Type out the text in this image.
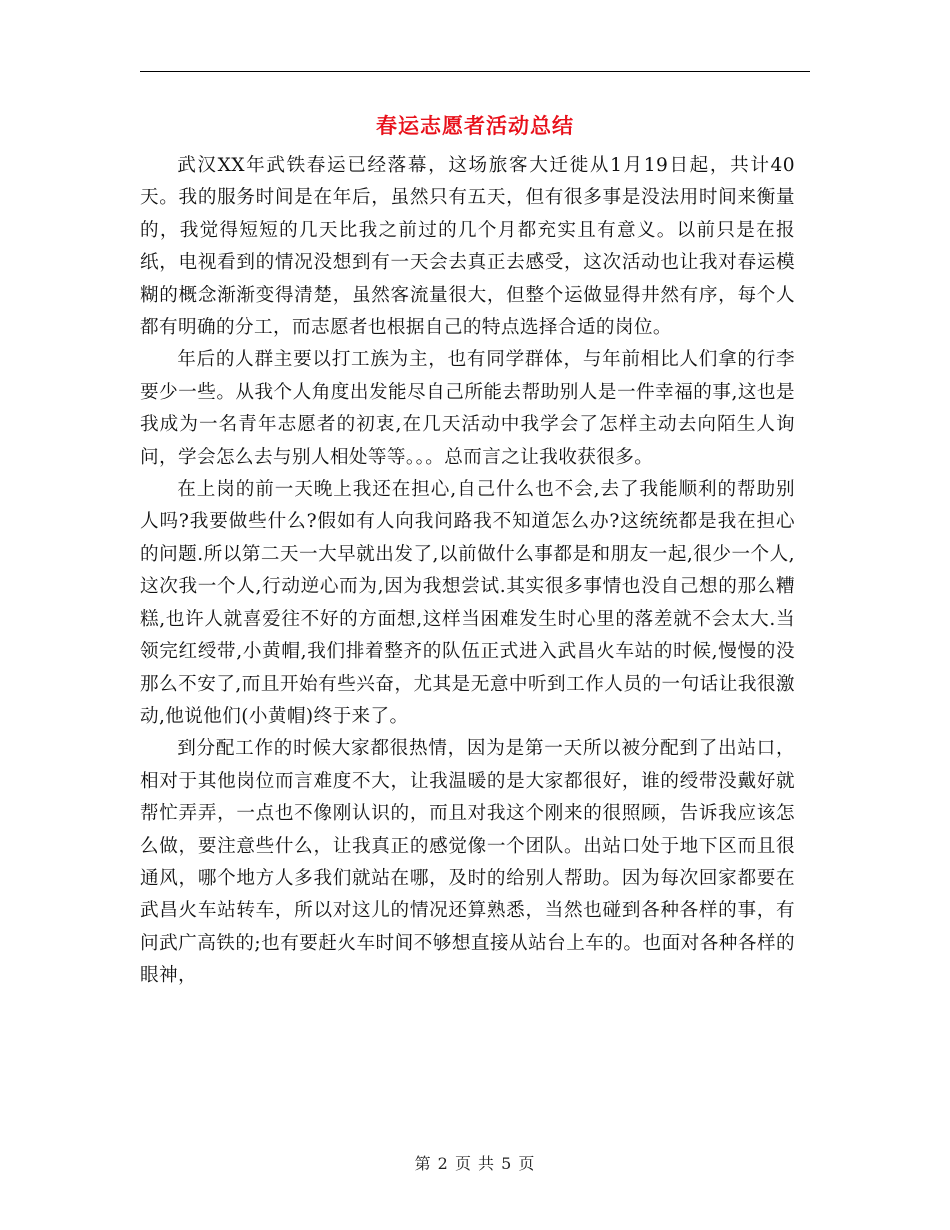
春运志愿者活动总结

武汉XX年武铁春运已经落幕，这场旅客大迁徙从1月19日起，共计40天。我的服务时间是在年后，虽然只有五天，但有很多事是没法用时间来衡量的，我觉得短短的几天比我之前过的几个月都充实且有意义。以前只是在报纸，电视看到的情况没想到有一天会去真正去感受，这次活动也让我对春运模糊的概念渐渐变得清楚，虽然客流量很大，但整个运做显得井然有序，每个人都有明确的分工，而志愿者也根据自己的特点选择合适的岗位。

年后的人群主要以打工族为主，也有同学群体，与年前相比人们拿的行李要少一些。从我个人角度出发能尽自己所能去帮助别人是一件幸福的事,这也是我成为一名青年志愿者的初衷,在几天活动中我学会了怎样主动去向陌生人询问，学会怎么去与别人相处等等。。。总而言之让我收获很多。

在上岗的前一天晚上我还在担心,自己什么也不会,去了我能顺利的帮助别人吗?我要做些什么?假如有人向我问路我不知道怎么办?这统统都是我在担心的问题.所以第二天一大早就出发了,以前做什么事都是和朋友一起,很少一个人,这次我一个人,行动逆心而为,因为我想尝试.其实很多事情也没自己想的那么糟糕,也许人就喜爱往不好的方面想,这样当困难发生时心里的落差就不会太大.当领完红绶带,小黄帽,我们排着整齐的队伍正式进入武昌火车站的时候,慢慢的没那么不安了,而且开始有些兴奋，尤其是无意中听到工作人员的一句话让我很激动,他说他们(小黄帽)终于来了。

到分配工作的时候大家都很热情，因为是第一天所以被分配到了出站口，相对于其他岗位而言难度不大，让我温暖的是大家都很好，谁的绶带没戴好就帮忙弄弄，一点也不像刚认识的，而且对我这个刚来的很照顾，告诉我应该怎么做，要注意些什么，让我真正的感觉像一个团队。出站口处于地下区而且很通风，哪个地方人多我们就站在哪，及时的给别人帮助。因为每次回家都要在武昌火车站转车，所以对这儿的情况还算熟悉，当然也碰到各种各样的事，有问武广高铁的;也有要赶火车时间不够想直接从站台上车的。也面对各种各样的眼神，

第 2 页 共 5 页
